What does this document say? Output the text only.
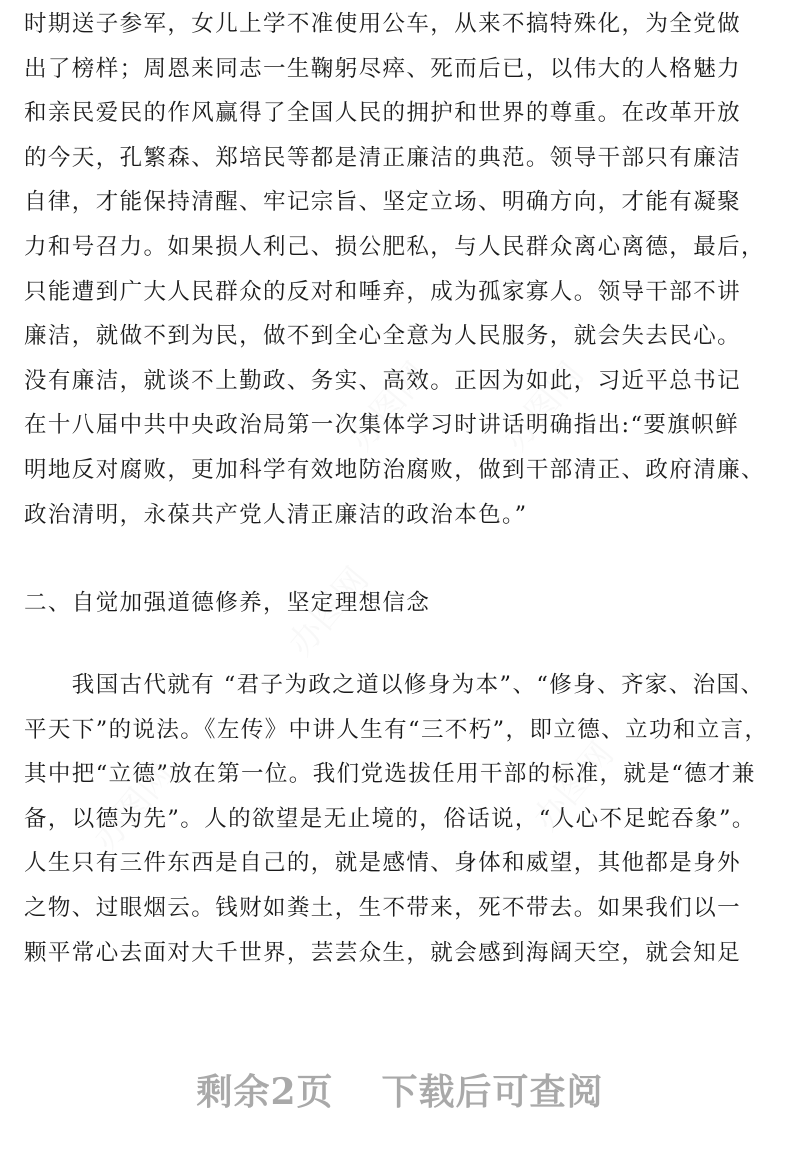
时期送子参军，女儿上学不准使用公车，从来不搞特殊化，为全党做
出了榜样；周恩来同志一生鞠躬尽瘁、死而后已，以伟大的人格魅力
和亲民爱民的作风赢得了全国人民的拥护和世界的尊重。在改革开放
的今天，孔繁森、郑培民等都是清正廉洁的典范。领导干部只有廉洁
自律，才能保持清醒、牢记宗旨、坚定立场、明确方向，才能有凝聚
力和号召力。如果损人利己、损公肥私，与人民群众离心离德，最后，
只能遭到广大人民群众的反对和唾弃，成为孤家寡人。领导干部不讲
廉洁，就做不到为民，做不到全心全意为人民服务，就会失去民心。
没有廉洁，就谈不上勤政、务实、高效。正因为如此，习近平总书记
在十八届中共中央政治局第一次集体学习时讲话明确指出:“要旗帜鲜
明地反对腐败，更加科学有效地防治腐败，做到干部清正、政府清廉、
政治清明，永葆共产党人清正廉洁的政治本色。”
二、自觉加强道德修养，坚定理想信念
　　我国古代就有 “君子为政之道以修身为本”、“修身、齐家、治国、
平天下”的说法。《左传》中讲人生有“三不朽”，即立德、立功和立言，
其中把“立德”放在第一位。我们党选拔任用干部的标准，就是“德才兼
备，以德为先”。人的欲望是无止境的，俗话说，“人心不足蛇吞象”。
人生只有三件东西是自己的，就是感情、身体和威望，其他都是身外
之物、过眼烟云。钱财如粪土，生不带来，死不带去。如果我们以一
颗平常心去面对大千世界，芸芸众生，就会感到海阔天空，就会知足
办图网 办图网
办图网
办图网	办图网
剩余2页 下载后可查阅
